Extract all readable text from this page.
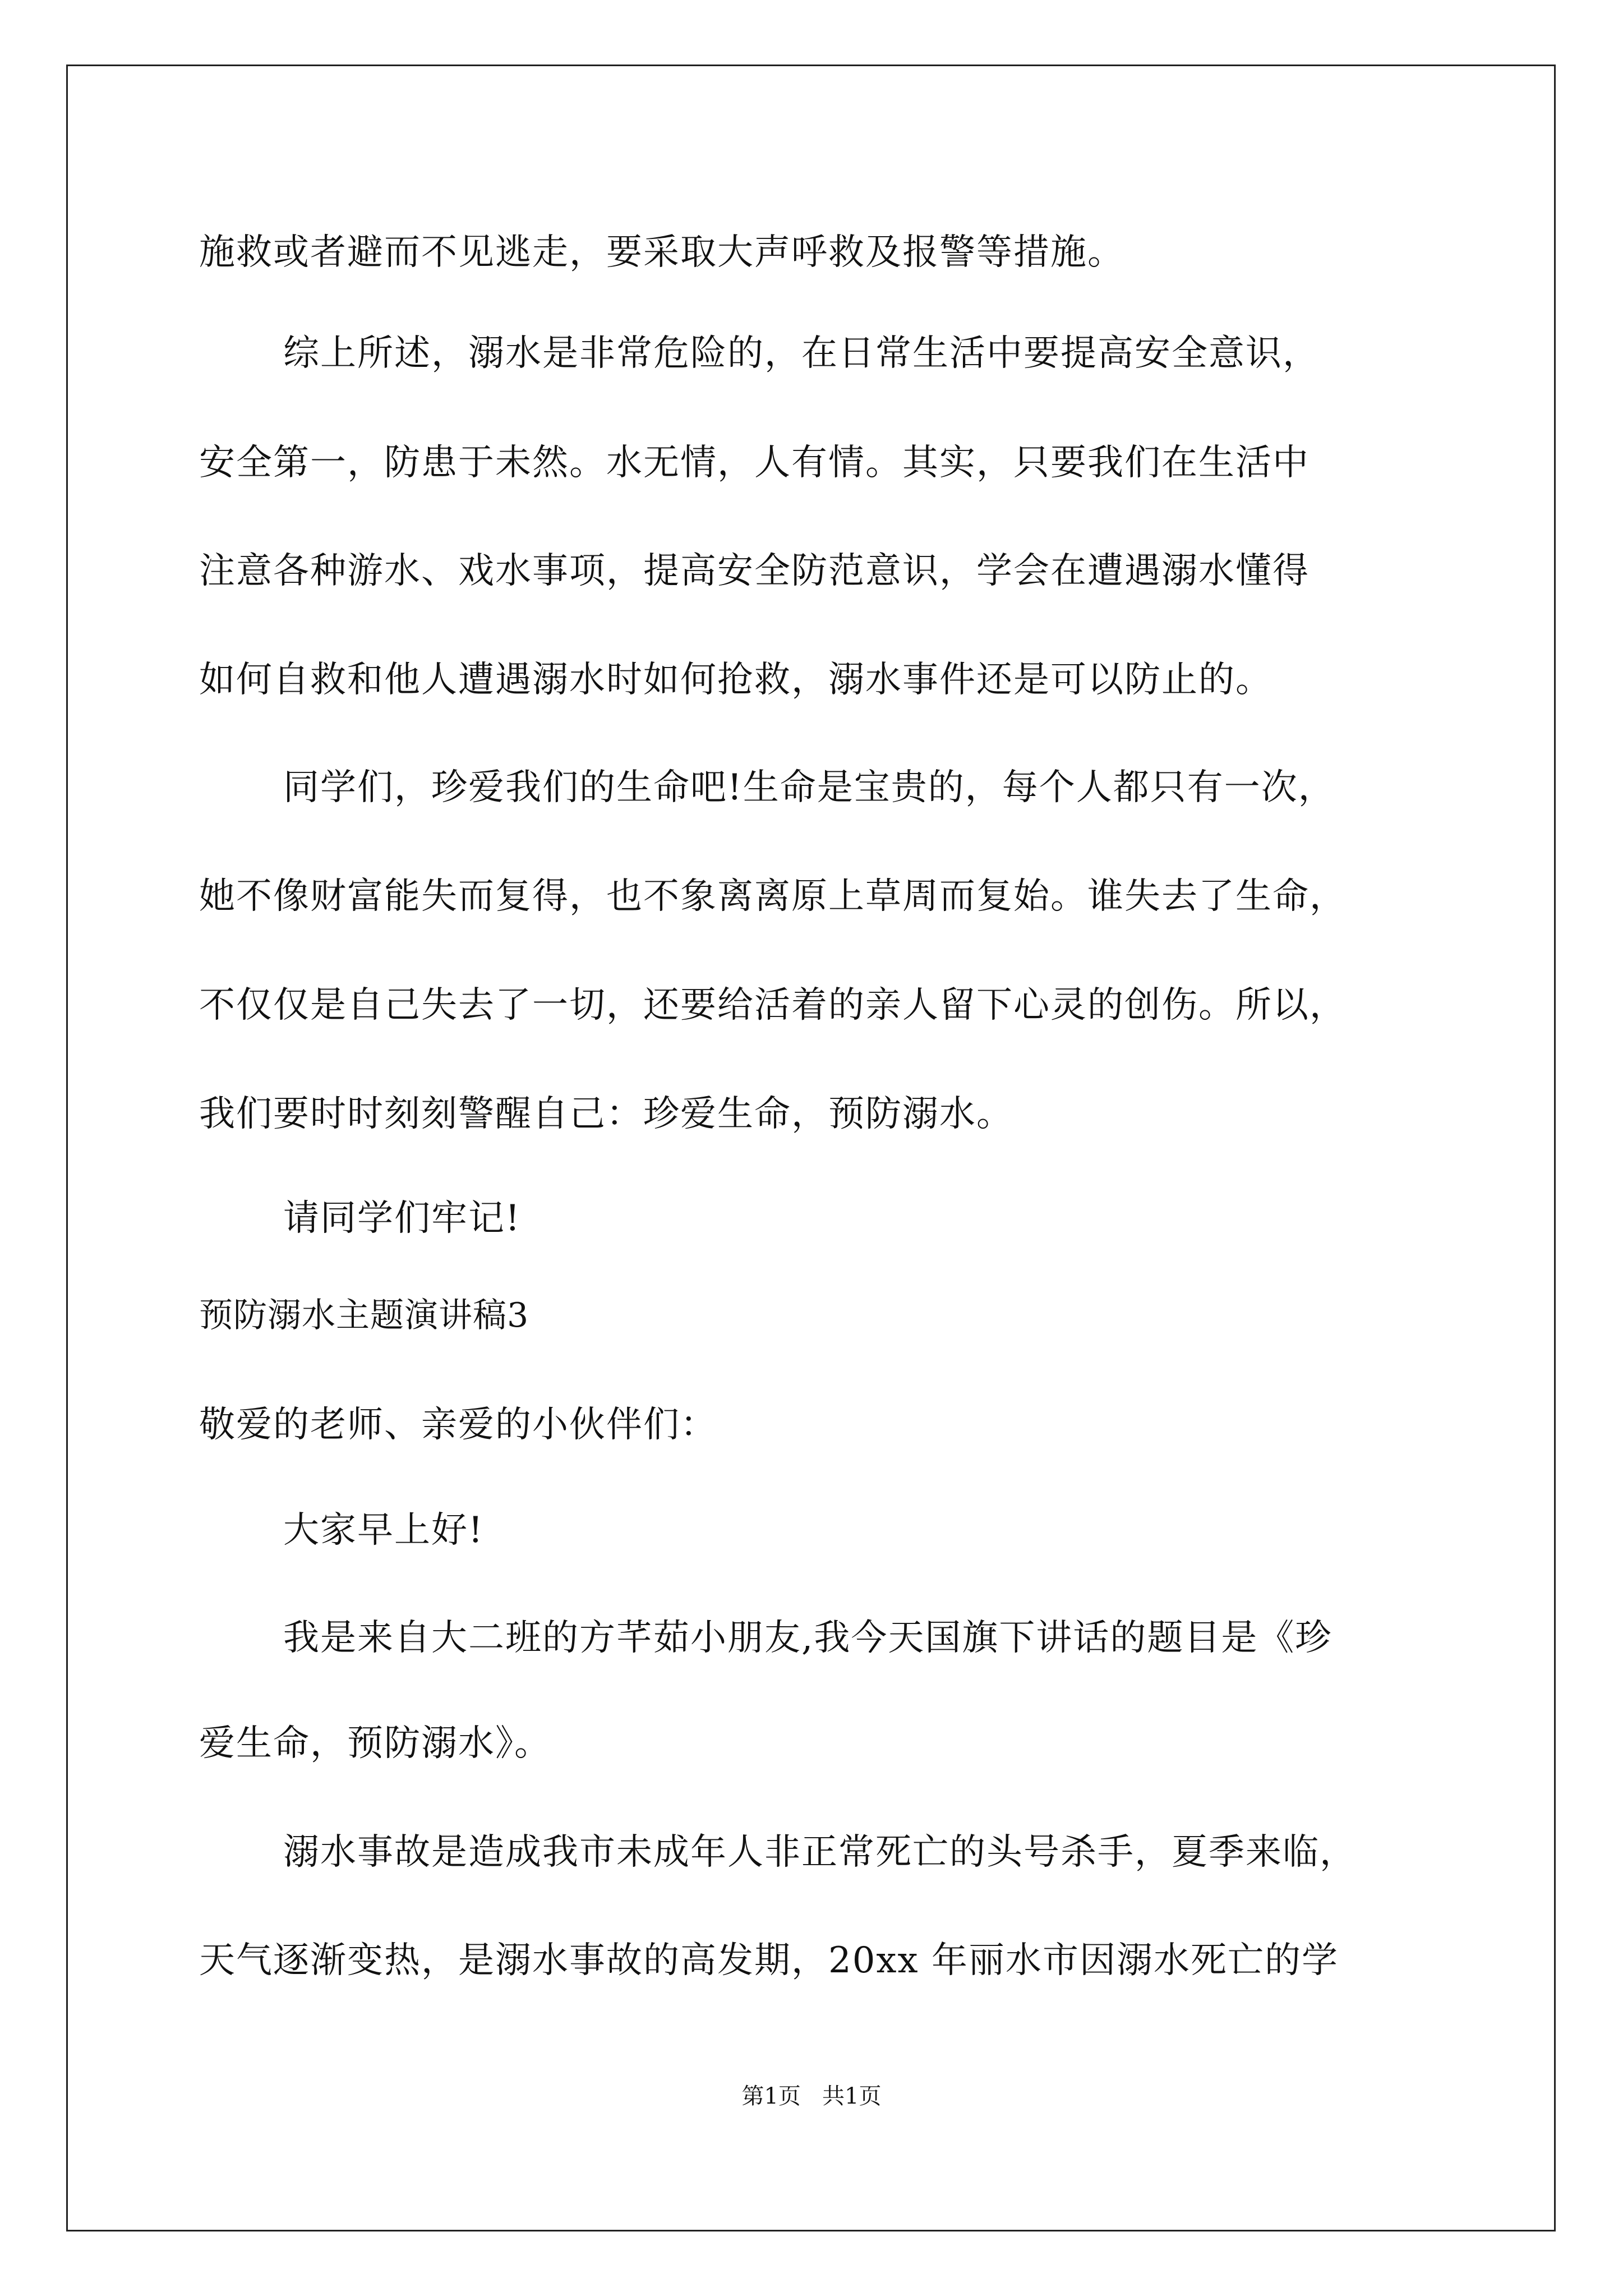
施救或者避而不见逃走，要采取大声呼救及报警等措施。
综上所述，溺水是非常危险的，在日常生活中要提高安全意识，
安全第一，防患于未然。水无情，人有情。其实，只要我们在生活中
注意各种游水、戏水事项，提高安全防范意识，学会在遭遇溺水懂得
如何自救和他人遭遇溺水时如何抢救，溺水事件还是可以防止的。
同学们，珍爱我们的生命吧!生命是宝贵的，每个人都只有一次，
她不像财富能失而复得，也不象离离原上草周而复始。谁失去了生命，
不仅仅是自己失去了一切，还要给活着的亲人留下心灵的创伤。所以，
我们要时时刻刻警醒自己：珍爱生命，预防溺水。
请同学们牢记!
预防溺水主题演讲稿3
敬爱的老师、亲爱的小伙伴们：
大家早上好!
我是来自大二班的方芊茹小朋友,我今天国旗下讲话的题目是《珍
爱生命，预防溺水》。
溺水事故是造成我市未成年人非正常死亡的头号杀手，夏季来临，
天气逐渐变热，是溺水事故的高发期，20xx 年丽水市因溺水死亡的学
第1页   共1页
